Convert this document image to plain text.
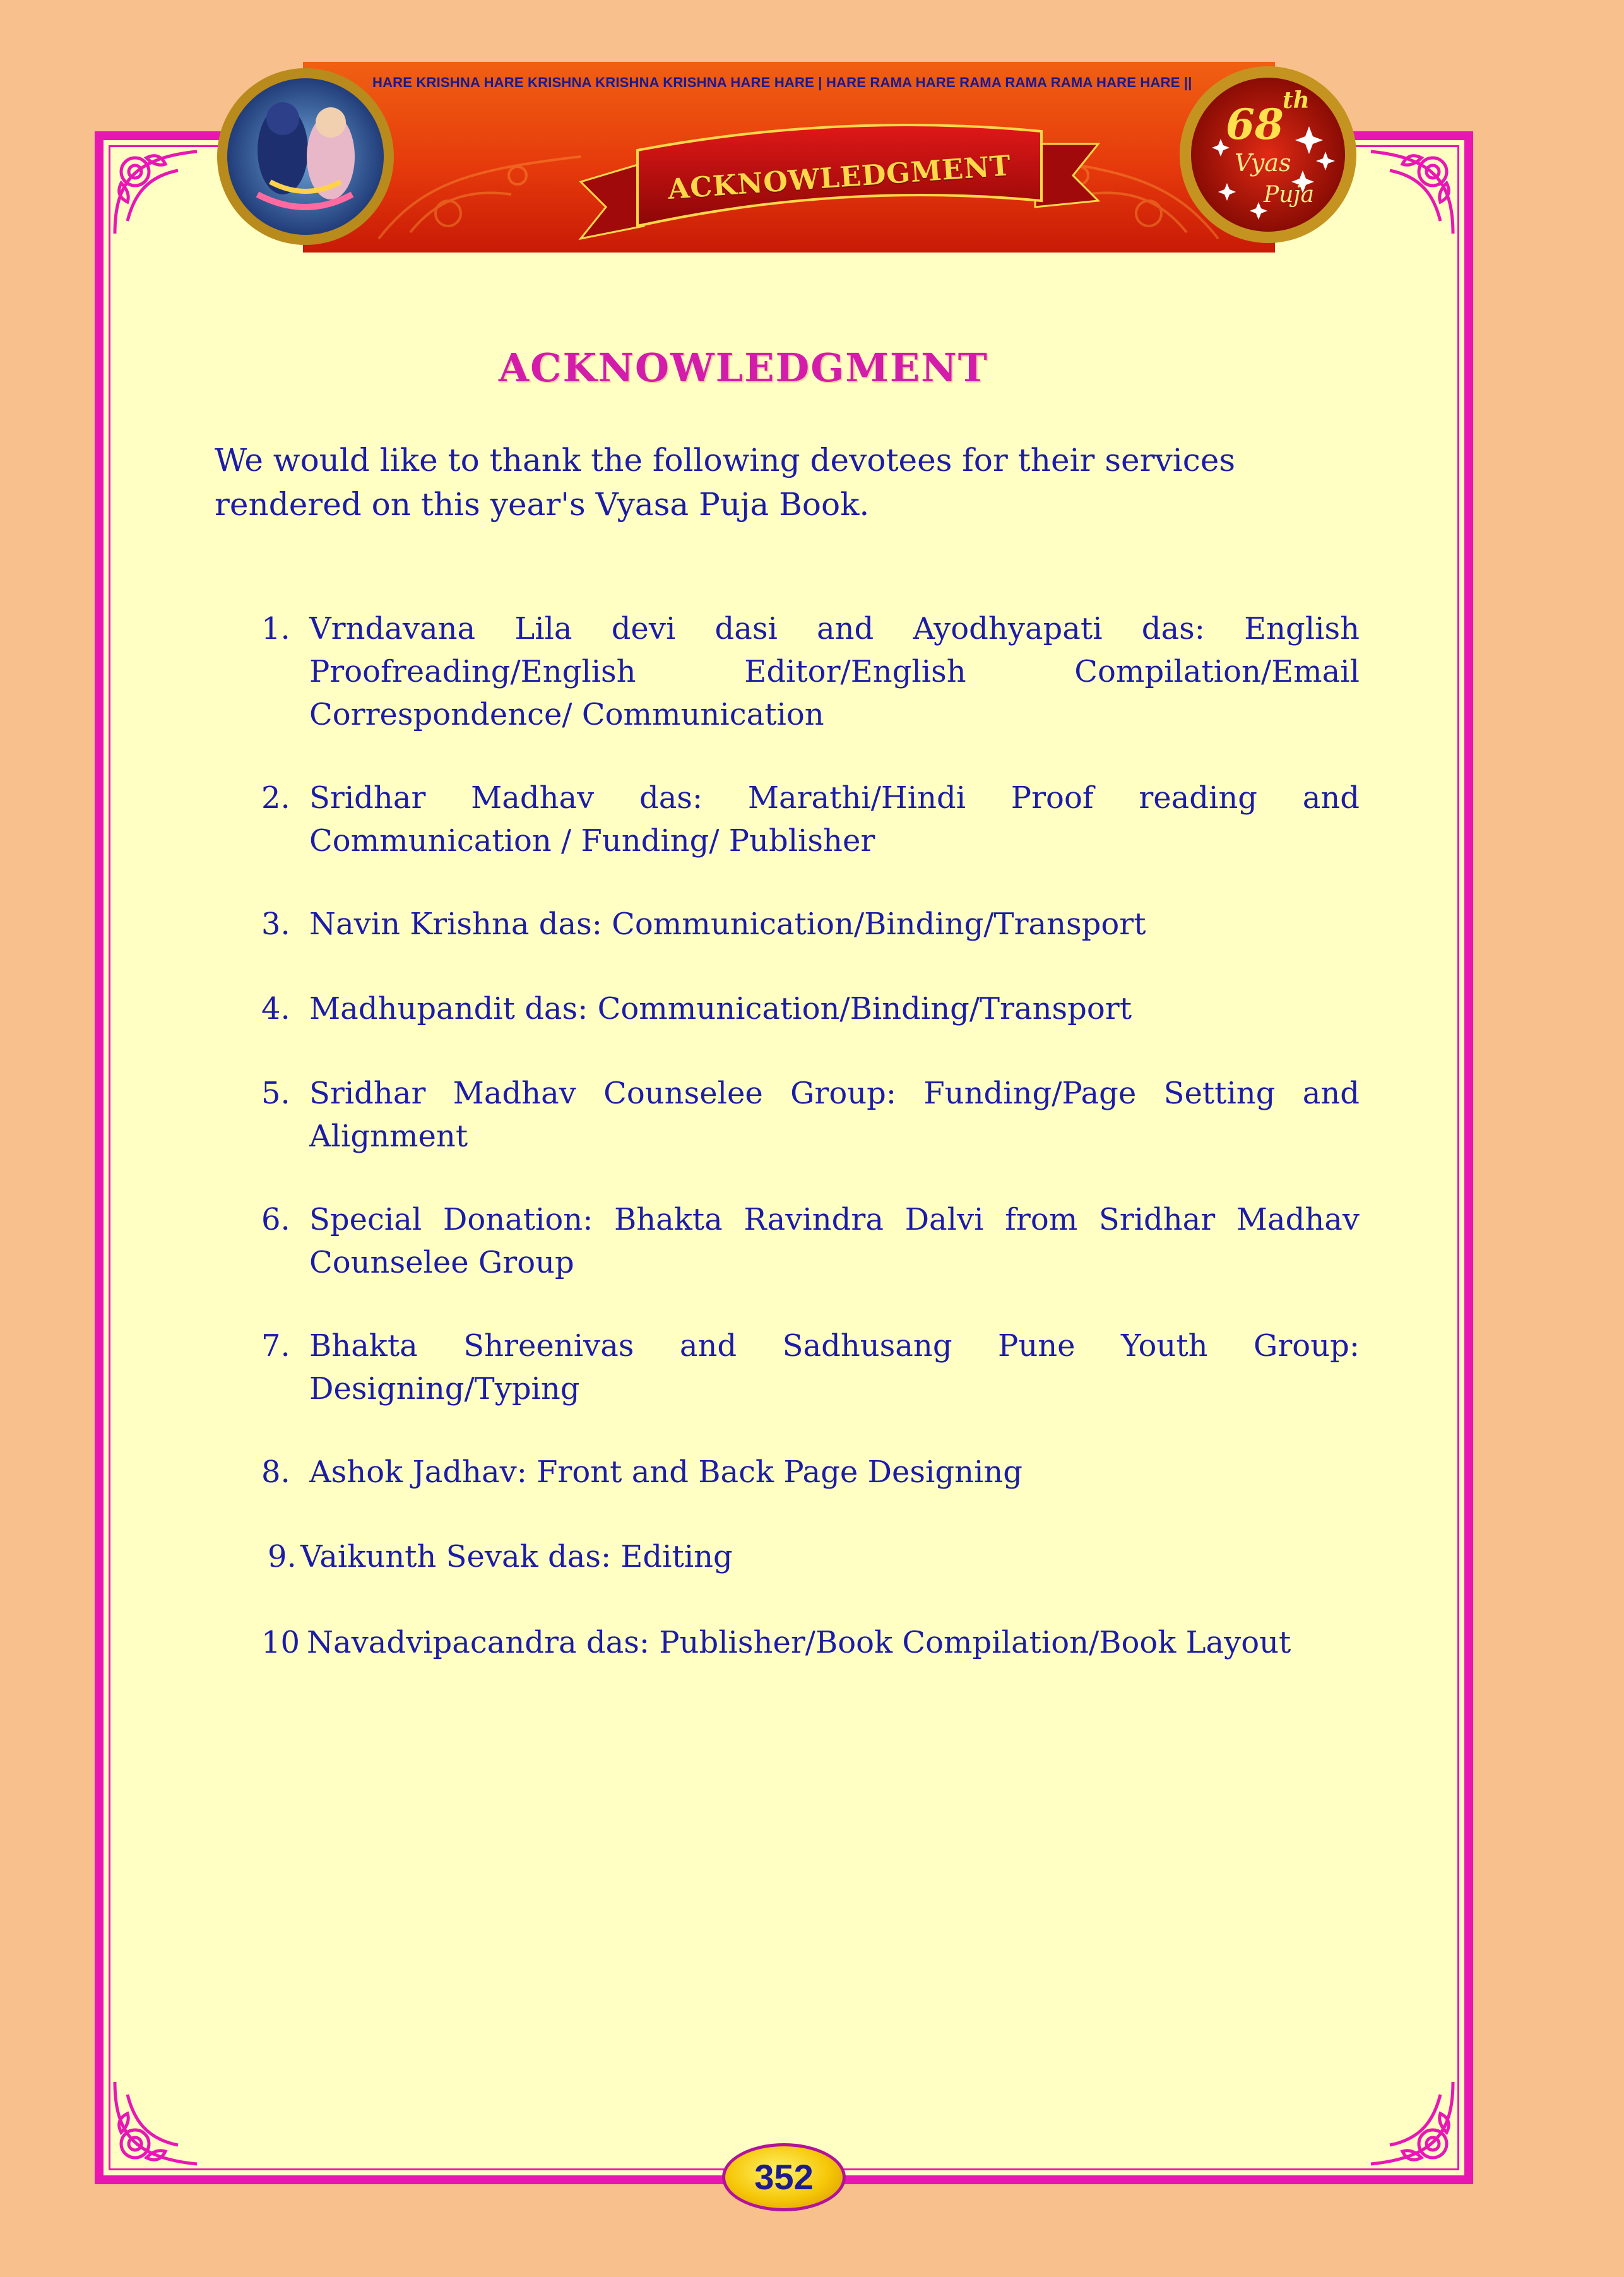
HARE KRISHNA HARE KRISHNA KRISHNA KRISHNA HARE HARE | HARE RAMA HARE RAMA RAMA RAMA HARE HARE ||
ACKNOWLEDGMENT
68
th
Vyas
Puja
ACKNOWLEDGMENT
We would like to thank the following devotees for their services rendered on this year's Vyasa Puja Book.
1. Vrndavana Lila devi dasi and Ayodhyapati das: English Proofreading/English Editor/English Compilation/Email Correspondence/ Communication
2. Sridhar Madhav das: Marathi/Hindi Proof reading and Communication / Funding/ Publisher
3. Navin Krishna das: Communication/Binding/Transport
4. Madhupandit das: Communication/Binding/Transport
5. Sridhar Madhav Counselee Group: Funding/Page Setting and Alignment
6. Special Donation: Bhakta Ravindra Dalvi from Sridhar Madhav Counselee Group
7. Bhakta Shreenivas and Sadhusang Pune Youth Group: Designing/Typing
8. Ashok Jadhav: Front and Back Page Designing
9. Vaikunth Sevak das: Editing
10 Navadvipacandra das: Publisher/Book Compilation/Book Layout
352
